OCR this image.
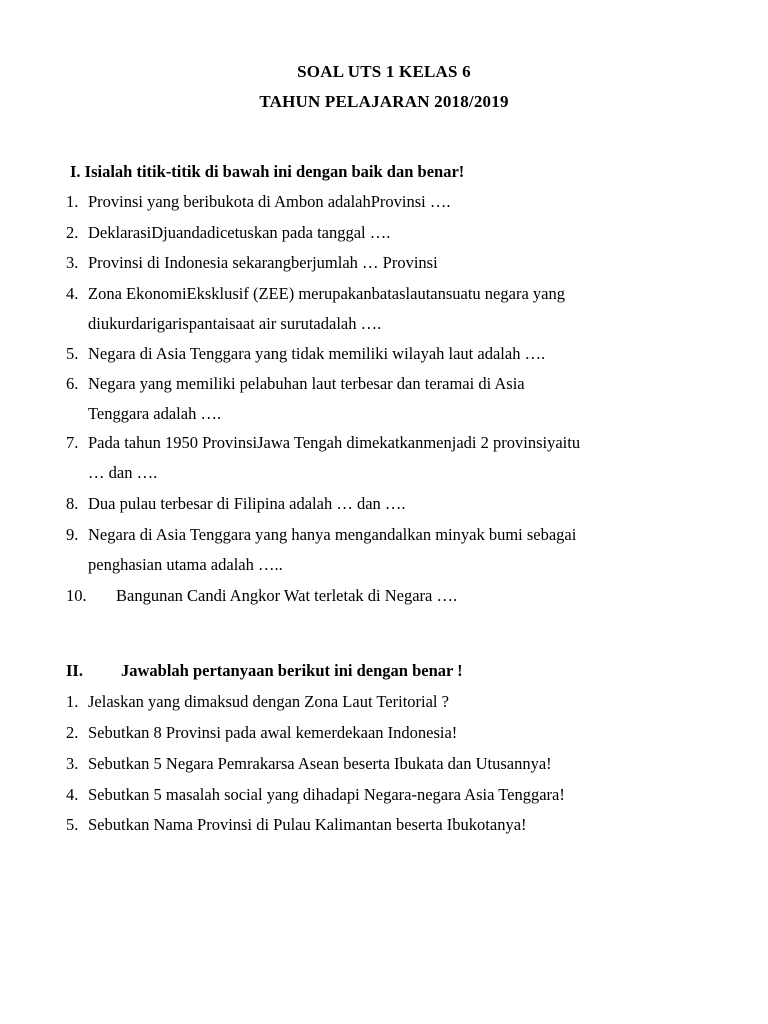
SOAL UTS 1 KELAS 6
TAHUN PELAJARAN 2018/2019
I. Isialah titik-titik di bawah ini dengan baik dan benar!
1. Provinsi yang beribukota di Ambon adalahProvinsi ….
2. DeklarasiDjuandadicetuskan pada tanggal ….
3. Provinsi di Indonesia sekarangberjumlah … Provinsi
4. Zona EkonomiEksklusif (ZEE) merupakanbataslautansuatu negara yang
diukurdarigarispantaisaat air surutadalah ….
5. Negara di Asia Tenggara yang tidak memiliki wilayah laut adalah ….
6. Negara yang memiliki pelabuhan laut terbesar dan teramai di Asia
Tenggara adalah ….
7. Pada tahun 1950 ProvinsiJawa Tengah dimekatkanmenjadi 2 provinsiyaitu
… dan ….
8. Dua pulau terbesar di Filipina adalah … dan ….
9. Negara di Asia Tenggara yang hanya mengandalkan minyak bumi sebagai
penghasian utama adalah …..
10. Bangunan Candi Angkor Wat terletak di Negara ….
II. Jawablah pertanyaan berikut ini dengan benar !
1. Jelaskan yang dimaksud dengan Zona Laut Teritorial ?
2. Sebutkan 8 Provinsi pada awal kemerdekaan Indonesia!
3. Sebutkan 5 Negara Pemrakarsa Asean beserta Ibukata dan Utusannya!
4. Sebutkan 5 masalah social yang dihadapi Negara-negara Asia Tenggara!
5. Sebutkan Nama Provinsi di Pulau Kalimantan beserta Ibukotanya!
